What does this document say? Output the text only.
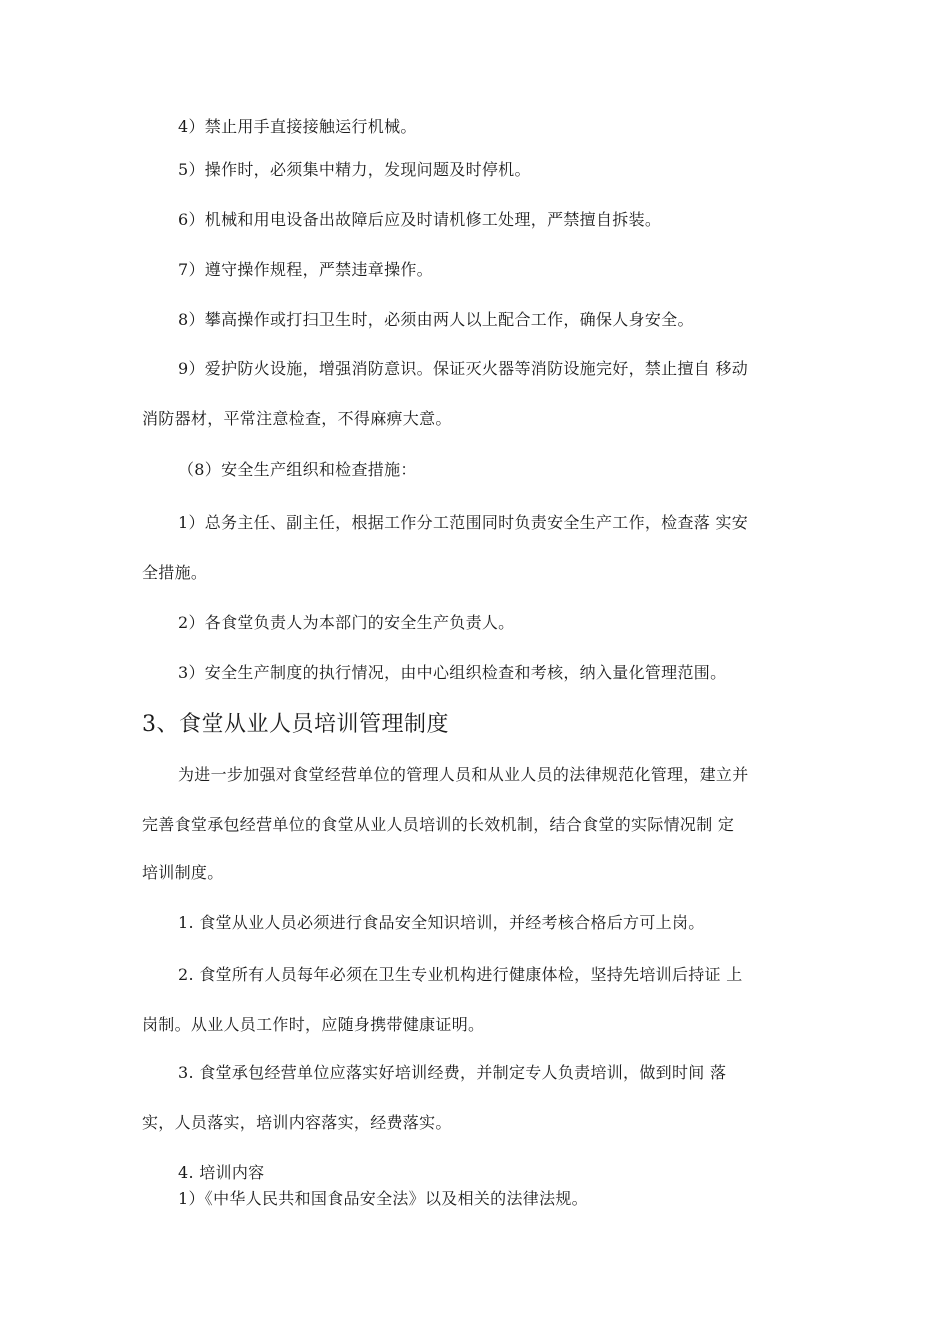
4）禁止用手直接接触运行机械。
5）操作时，必须集中精力，发现问题及时停机。
6）机械和用电设备出故障后应及时请机修工处理，严禁擅自拆装。
7）遵守操作规程，严禁违章操作。
8）攀高操作或打扫卫生时，必须由两人以上配合工作，确保人身安全。
9）爱护防火设施，增强消防意识。保证灭火器等消防设施完好，禁止擅自 移动
消防器材，平常注意检查，不得麻痹大意。
（8）安全生产组织和检查措施：
1）总务主任、副主任，根据工作分工范围同时负责安全生产工作，检查落 实安
全措施。
2）各食堂负责人为本部门的安全生产负责人。
3）安全生产制度的执行情况，由中心组织检查和考核，纳入量化管理范围。
3、食堂从业人员培训管理制度
为进一步加强对食堂经营单位的管理人员和从业人员的法律规范化管理，建立并
完善食堂承包经营单位的食堂从业人员培训的长效机制，结合食堂的实际情况制 定
培训制度。
1. 食堂从业人员必须进行食品安全知识培训，并经考核合格后方可上岗。
2. 食堂所有人员每年必须在卫生专业机构进行健康体检，坚持先培训后持证 上
岗制。从业人员工作时，应随身携带健康证明。
3. 食堂承包经营单位应落实好培训经费，并制定专人负责培训，做到时间 落
实，人员落实，培训内容落实，经费落实。
4. 培训内容
1）《中华人民共和国食品安全法》以及相关的法律法规。
